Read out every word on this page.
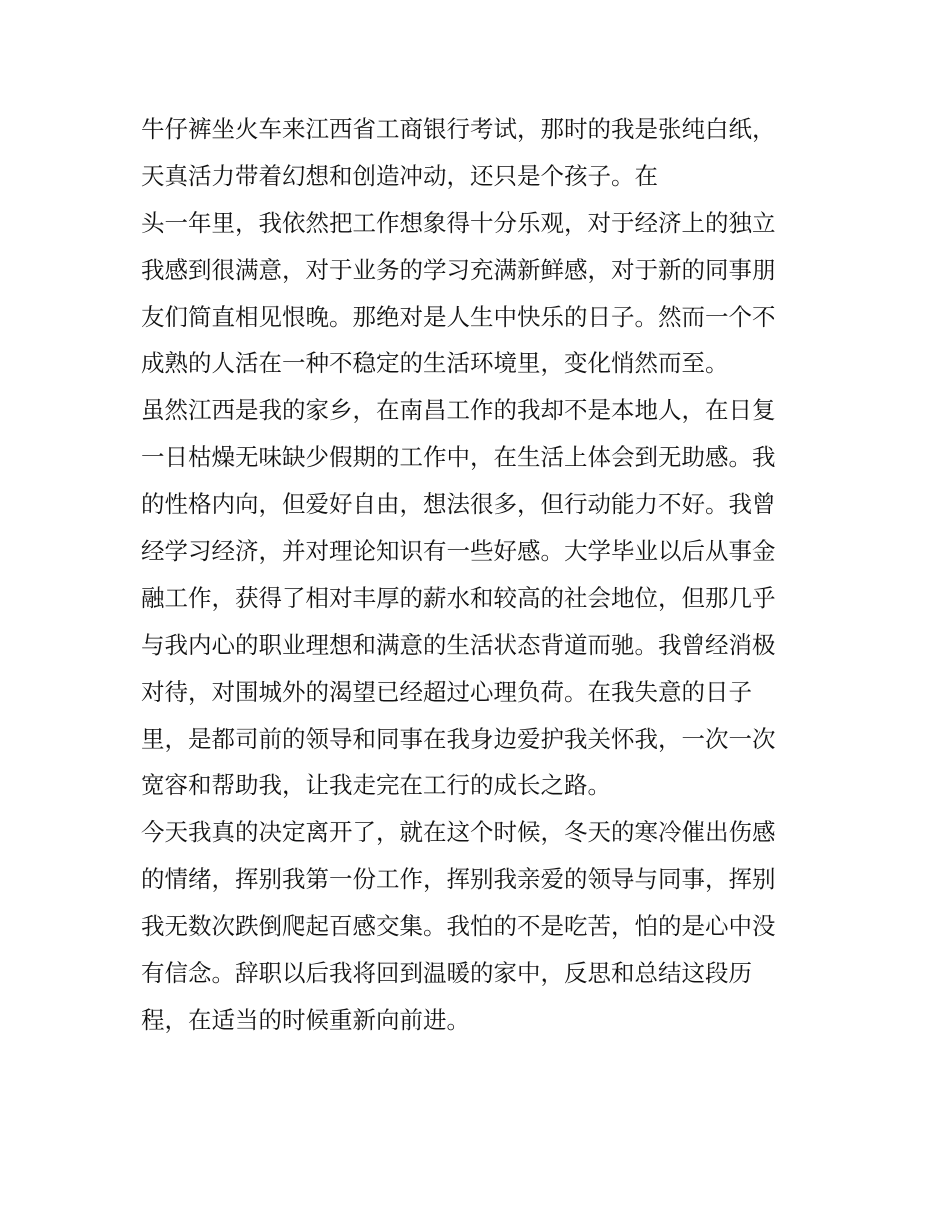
牛仔裤坐火车来江西省工商银行考试，那时的我是张纯白纸，
天真活力带着幻想和创造冲动，还只是个孩子。在
头一年里，我依然把工作想象得十分乐观，对于经济上的独立
我感到很满意，对于业务的学习充满新鲜感，对于新的同事朋
友们简直相见恨晚。那绝对是人生中快乐的日子。然而一个不
成熟的人活在一种不稳定的生活环境里，变化悄然而至。
虽然江西是我的家乡，在南昌工作的我却不是本地人，在日复
一日枯燥无味缺少假期的工作中，在生活上体会到无助感。我
的性格内向，但爱好自由，想法很多，但行动能力不好。我曾
经学习经济，并对理论知识有一些好感。大学毕业以后从事金
融工作，获得了相对丰厚的薪水和较高的社会地位，但那几乎
与我内心的职业理想和满意的生活状态背道而驰。我曾经消极
对待，对围城外的渴望已经超过心理负荷。在我失意的日子
里，是都司前的领导和同事在我身边爱护我关怀我，一次一次
宽容和帮助我，让我走完在工行的成长之路。
今天我真的决定离开了，就在这个时候，冬天的寒冷催出伤感
的情绪，挥别我第一份工作，挥别我亲爱的领导与同事，挥别
我无数次跌倒爬起百感交集。我怕的不是吃苦，怕的是心中没
有信念。辞职以后我将回到温暖的家中，反思和总结这段历
程，在适当的时候重新向前进。
